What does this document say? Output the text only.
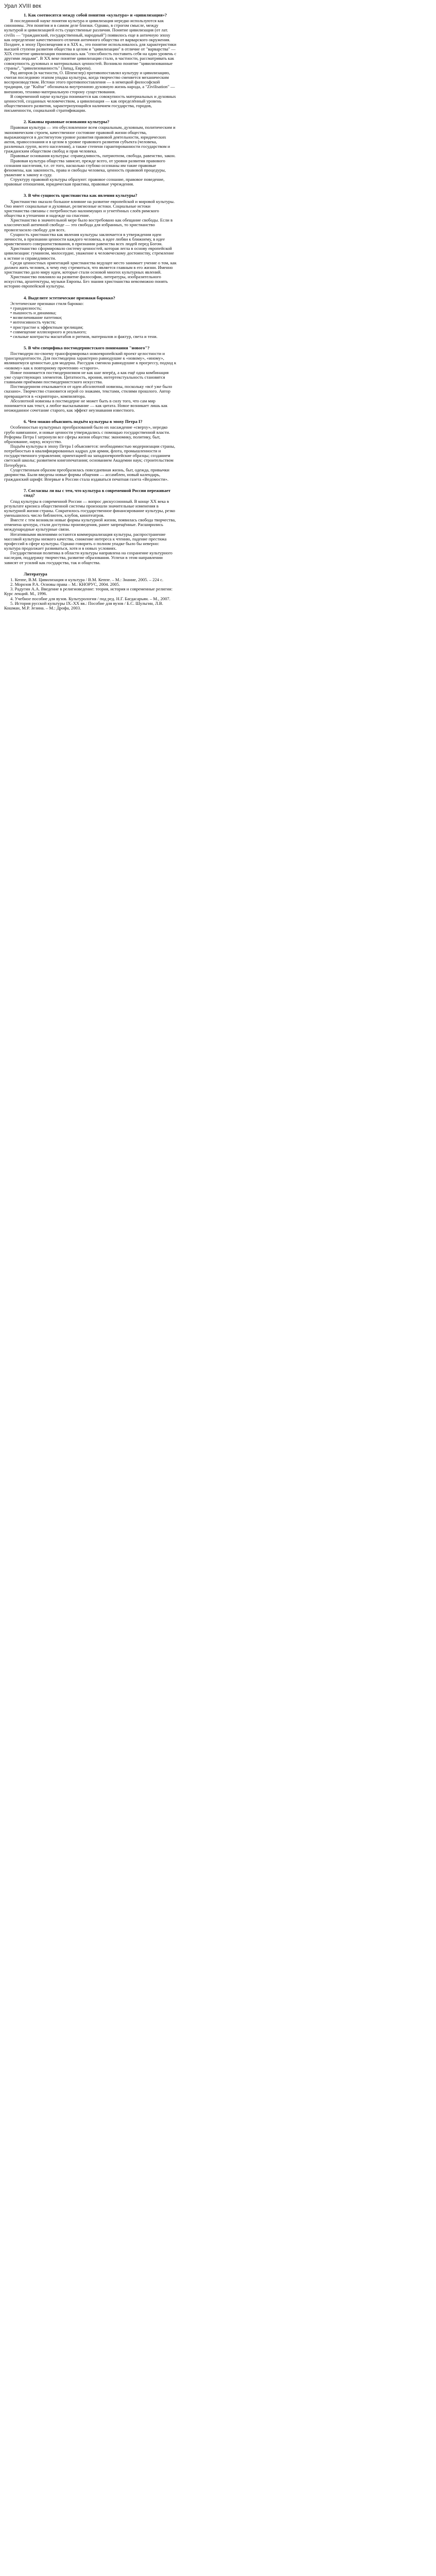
Урал XVIII век

1. Как соотносятся между собой понятия «культура» и «цивилизация»?

В послединной науке понятия культура и цивилизация нередко используются как синонимы. Эти понятия и в самом деле близки. Однако, в строгом смысле, между культурой и цивилизацией есть существенные различия. Понятие цивилизация (от лат. civilis — "гражданский, государственный, народный") появилось еще в античную эпоху как определение качественного отличия античного общества от варварского окружения. Позднее, в эпоху Просвещения и в XIX в., это понятие использовалось для характеристики высшей ступени развития общества в целом и "цивилизации" в отличие от "варварства" — XIX столетие цивилизация понималась как "способность поставить себя на один уровень с другими людьми". В XX веке понятие цивилизации стало, в частности, рассматривать как совокупность духовных и материальных ценностей. Возникло понятие "цивилизованные страны", "цивилизованность" (Запад, Европа).

Ряд авторов (в частности, О. Шпенглер) противопоставлял культуру и цивилизацию, считая последнюю этапом упадка культуры, когда творчество сменяется механическим воспроизводством. Истоки этого противопоставления — в немецкой философской традиции, где "Kultur" обозначала внутреннюю духовную жизнь народа, а "Zivilisation" — внешнюю, технико-материальную сторону существования.

В современной науке культура понимается как совокупность материальных и духовных ценностей, созданных человечеством, а цивилизация — как определённый уровень общественного развития, характеризующийся наличием государства, городов, письменности, социальной стратификации.

2. Каковы правовые основания культуры?

Правовая культура — это обусловленное всем социальным, духовным, политическим и экономическим строем, качественное состояние правовой жизни общества, выражающееся в достигнутом уровне развития правовой деятельности, юридических актов, правосознания и в целом в уровне правового развития субъекта (человека, различных групп, всего населения), а также степени гарантированности государством и гражданским обществом свобод и прав человека.

Правовые основания культуры: справедливость, патриотизм, свобода, равенство, закон.

Правовая культура общества зависит, прежде всего, от уровня развития правового сознания населения, т.е. от того, насколько глубоко осознаны им такие правовые феномены, как законность, права и свободы человека, ценность правовой процедуры, уважение к закону и суду.

Структуру правовой культуры образуют: правовое сознание, правовое поведение, правовые отношения, юридическая практика, правовые учреждения.

3. В чём сущность христианства как явления культуры?

Христианство оказало большое влияние на развитие европейской и мировой культуры. Оно имеет социальные и духовные, религиозные истоки. Социальные истоки христианства связаны с потребностью малоимущих и угнетённых слоёв римского общества в утешении и надежде на спасение.

Христианство в значительной мере было востребовано как обещание свободы. Если в классической античной свободе — это свобода для избранных, то христианство провозгласило свободу для всех.

Сущность христианства как явления культуры заключается в утверждении идеи личности, в признании ценности каждого человека, в идее любви к ближнему, в идее нравственного совершенствования, в признании равенства всех людей перед Богом.

Христианство сформировало систему ценностей, которая легла в основу европейской цивилизации: гуманизм, милосердие, уважение к человеческому достоинству, стремление к истине и справедливости.

Среди ценностных ориентаций христианства ведущее место занимает учение о том, как должен жить человек, к чему ему стремиться, что является главным в его жизни. Именно христианство дало миру идеи, которые стали основой многих культурных явлений.

Христианство повлияло на развитие философии, литературы, изобразительного искусства, архитектуры, музыки Европы. Без знания христианства невозможно понять историю европейской культуры.

4. Выделите эстетические признаки барокко?

Эстетические признаки стиля барокко:

• грандиозность;

• пышность и динамика;

• возвеличивание патетики;

• интенсивность чувств;

• пристрастие к эффектным зрелищам;

• совмещение иллюзорного и реального;

• сильные контрасты масштабов и ритмов, материалов и фактур, света и тени.

5. В чём специфика постмодернистского понимания "нового"?

Постмодерн по-своему трансформировал новоевропейский проект целостности и трансцендентности. Для постмодерна характерно равнодушие к «новому», «иному», являвшемуся ценностью для модерна. Рассудок сменила равнодушие к прогрессу, подход к «новому» как к повторному прочтению «старого».

Новое понимается постмодернизмом не как шаг вперёд, а как ещё одна комбинация уже существующих элементов. Цитатность, ирония, интертекстуальность становятся главными приёмами постмодернистского искусства.

Постмодернизм отказывается от идеи абсолютной новизны, поскольку «всё уже было сказано». Творчество становится игрой со знаками, текстами, стилями прошлого. Автор превращается в «скриптора», компилятора.

Абсолютной новизны в постмодерне не может быть в силу того, что сам мир понимается как текст, а любое высказывание — как цитата. Новое возникает лишь как неожиданное сочетание старого, как эффект неузнавания известного.

6. Чем можно объяснить подъём культуры в эпоху Петра I?

Особенностью культурных преобразований было их насаждение «сверху», нередко грубо навязанное, и новые ценности утверждались с помощью государственной власти. Реформы Петра I затронули все сферы жизни общества: экономику, политику, быт, образование, науку, искусство.

Подъём культуры в эпоху Петра I объясняется: необходимостью модернизации страны, потребностью в квалифицированных кадрах для армии, флота, промышленности и государственного управления; ориентацией на западноевропейские образцы; созданием светской школы; развитием книгопечатания; основанием Академии наук; строительством Петербурга.

Существенным образом преобразилась повседневная жизнь, быт, одежда, привычки дворянства. Были введены новые формы общения — ассамблеи, новый календарь, гражданский шрифт. Впервые в России стала издаваться печатная газета «Ведомости».

7. Согласны ли вы с тем, что культура в современной России переживает спад?

Спад культуры в современной России — вопрос дискуссионный. В конце XX века в результате кризиса общественной системы произошли значительные изменения в культурной жизни страны. Сократилось государственное финансирование культуры, резко уменьшилось число библиотек, клубов, кинотеатров.

Вместе с тем возникли новые формы культурной жизни, появилась свобода творчества, отменена цензура, стали доступны произведения, ранее запрещённые. Расширились международные культурные связи.

Негативными явлениями остаются коммерциализация культуры, распространение массовой культуры низкого качества, снижение интереса к чтению, падение престижа профессий в сфере культуры. Однако говорить о полном упадке было бы неверно: культура продолжает развиваться, хотя и в новых условиях.

Государственная политика в области культуры направлена на сохранение культурного наследия, поддержку творчества, развитие образования. Успехи в этом направлении зависят от усилий как государства, так и общества.

Литература

1. Кеппе, В.М. Цивилизация и культура / В.М. Кеппе. – М.: Знание, 2005. – 224 с.

2. Морозов Р.А. Основы права – М.: КНОРУС, 2004. 2005.

3. Радугин А.А. Введение в религиоведение: теория, история и современные религии: Курс лекций. М., 1996.

4. Учебное пособие для вузов. Культурология / под ред. Н.Г. Багдасарьян. – М., 2007.

5. История русской культуры IX–XX вв.: Пособие для вузов / Б.С. Шульгин, Л.В. Кошман, М.Р. Зезина. – М.: Дрофа, 2003.
